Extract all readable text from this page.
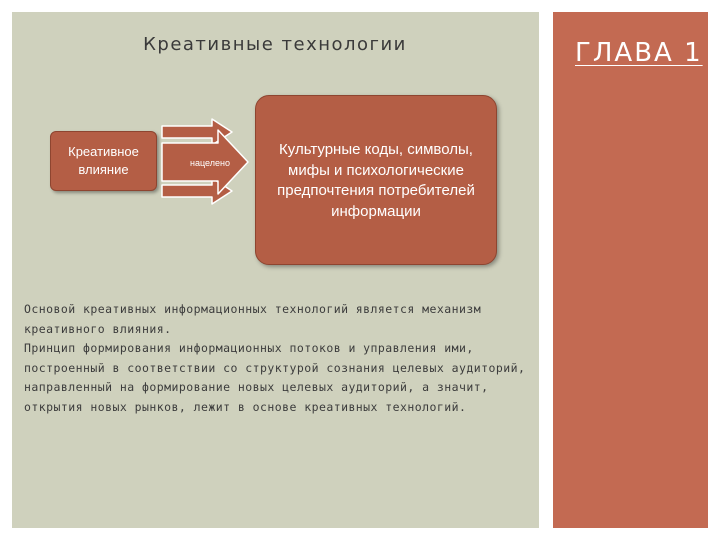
ГЛАВА 1
Креативные технологии
Креативное влияние	нацелено
Культурные коды, символы, мифы и психологические предпочтения потребителей информации

Основой креативных информационных технологий является механизм креативного влияния.

Принцип формирования информационных потоков и управления ими, построенный в соответствии со структурой сознания целевых аудиторий, направленный на формирование новых целевых аудиторий, а значит, открытия новых рынков, лежит в основе креативных технологий.
